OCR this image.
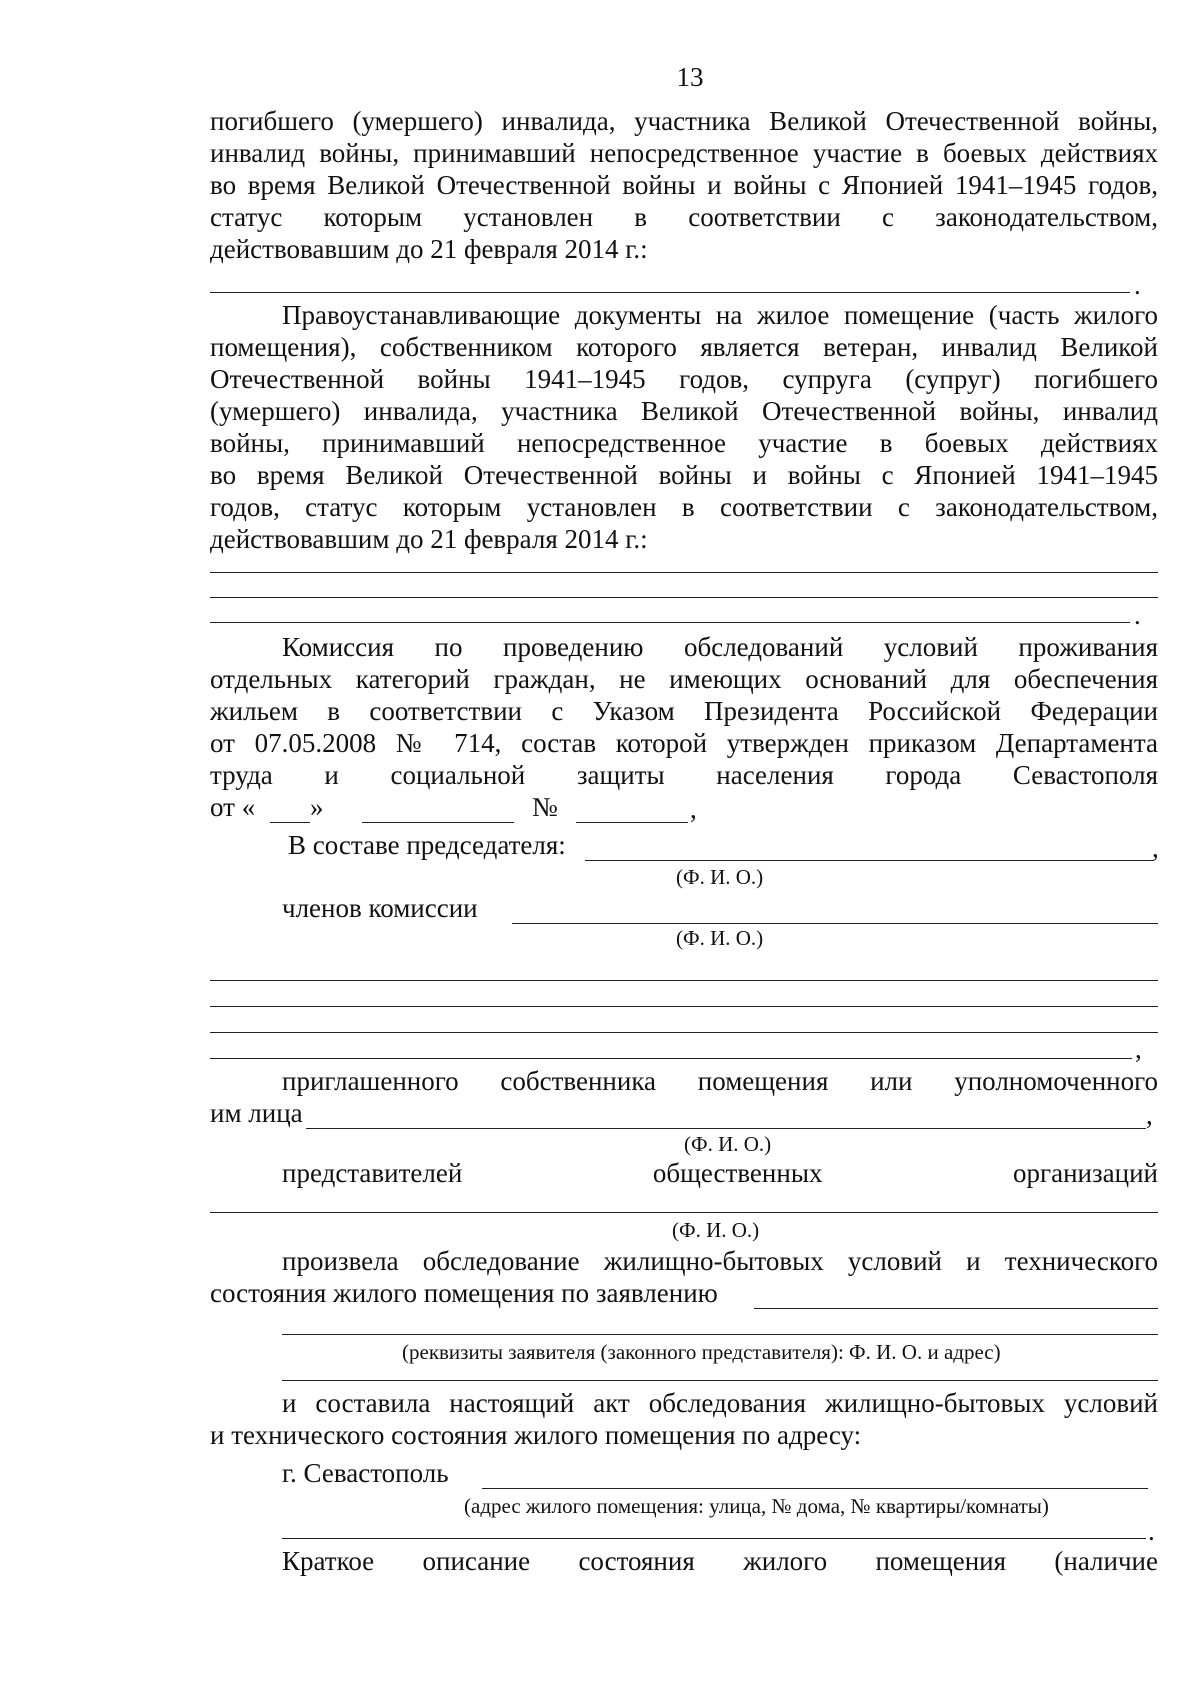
13
погибшего (умершего) инвалида, участника Великой Отечественной войны,
инвалид войны, принимавший непосредственное участие в боевых действиях
во время Великой Отечественной войны и войны с Японией 1941–1945 годов,
статус которым установлен в соответствии с законодательством,
действовавшим до 21 февраля 2014 г.:
.
Правоустанавливающие документы на жилое помещение (часть жилого
помещения), собственником которого является ветеран, инвалид Великой
Отечественной войны 1941–1945 годов, супруга (супруг) погибшего
(умершего) инвалида, участника Великой Отечественной войны, инвалид
войны, принимавший непосредственное участие в боевых действиях
во время Великой Отечественной войны и войны с Японией 1941–1945
годов, статус которым установлен в соответствии с законодательством,
действовавшим до 21 февраля 2014 г.:
.
Комиссия по проведению обследований условий проживания
отдельных категорий граждан, не имеющих оснований для обеспечения
жильем в соответствии с Указом Президента Российской Федерации
от 07.05.2008 № 714, состав которой утвержден приказом Департамента
труда и социальной защиты населения города Севастополя
от « »	№	,
В составе председателя:	,
(Ф. И. О.)
членов комиссии
(Ф. И. О.)
,
приглашенного собственника помещения или уполномоченного
им лица	,
(Ф. И. О.)
представителей общественных организаций
(Ф. И. О.)
произвела обследование жилищно-бытовых условий и технического
состояния жилого помещения по заявлению
(реквизиты заявителя (законного представителя): Ф. И. О. и адрес)
и составила настоящий акт обследования жилищно-бытовых условий
и технического состояния жилого помещения по адресу:
г. Севастополь
(адрес жилого помещения: улица, № дома, № квартиры/комнаты)
.
Краткое описание состояния жилого помещения (наличие
